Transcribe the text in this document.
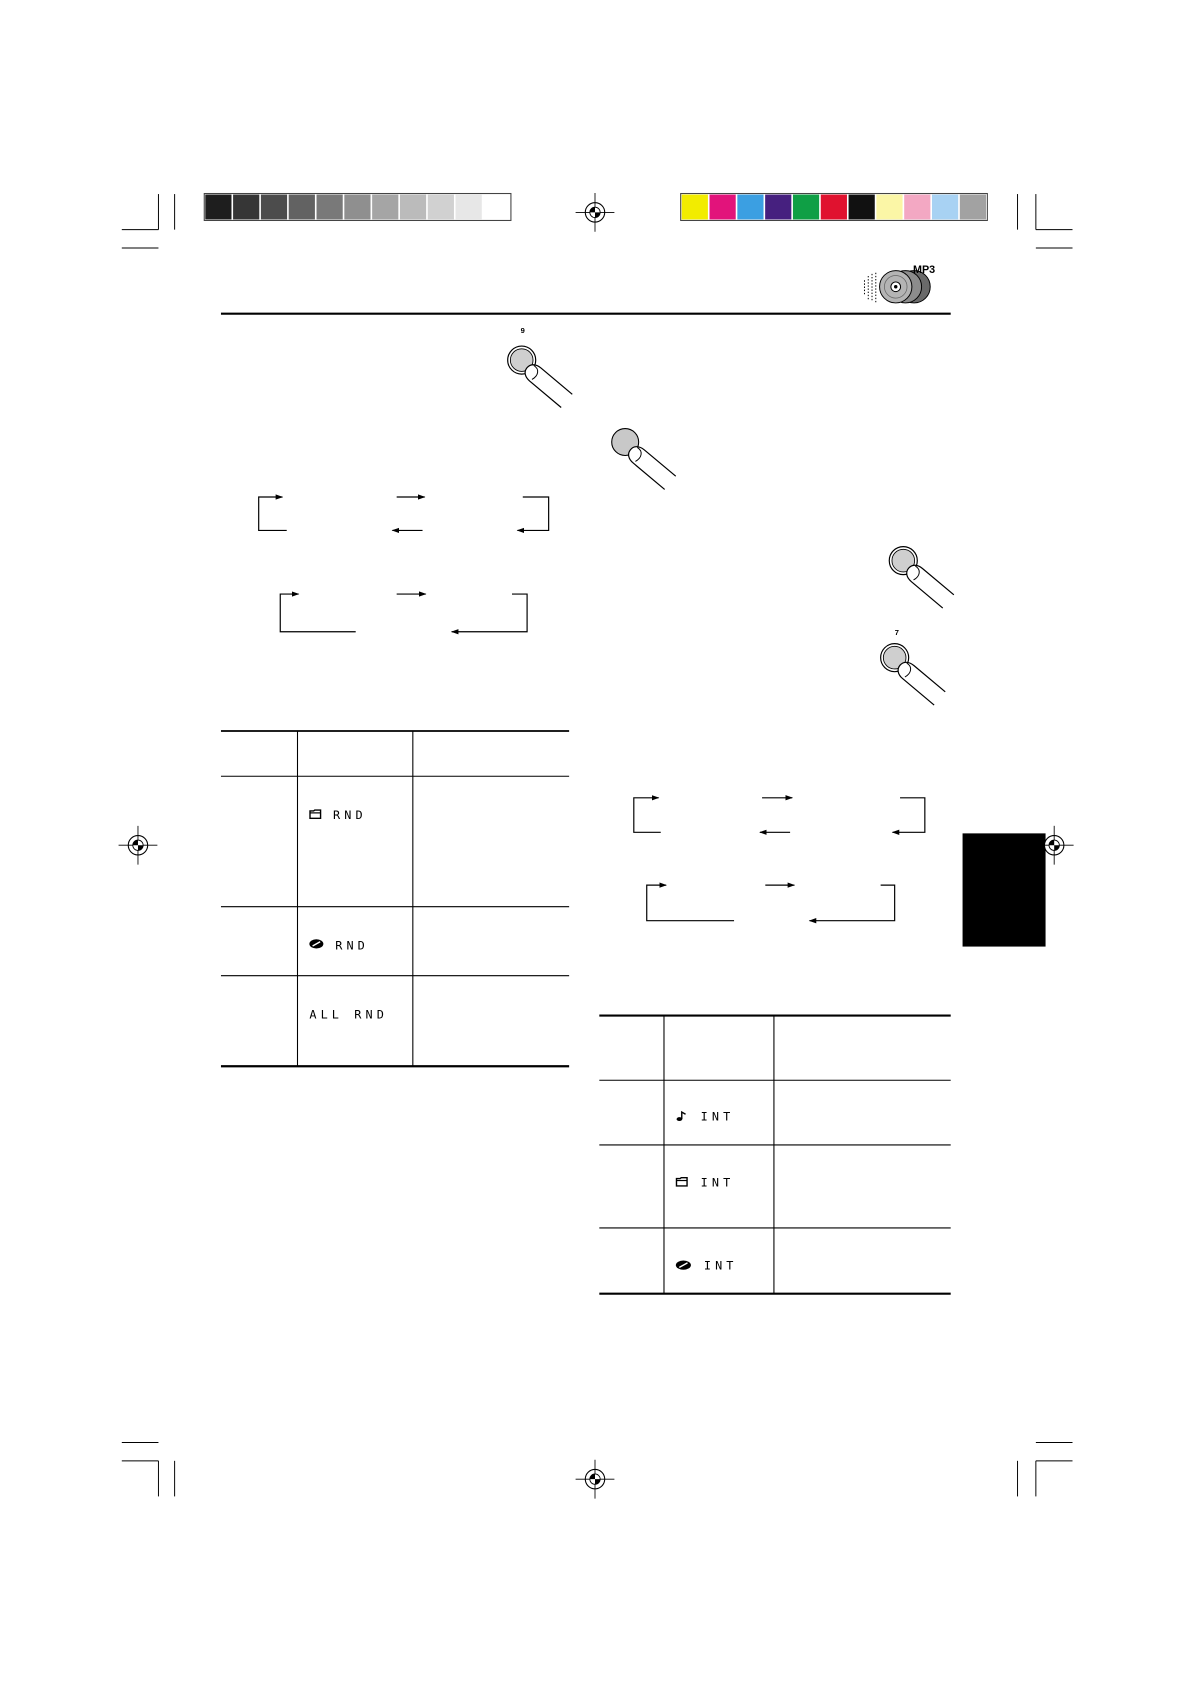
MP3
9
7
RND
RND
ALL RND
INT
INT
INT
